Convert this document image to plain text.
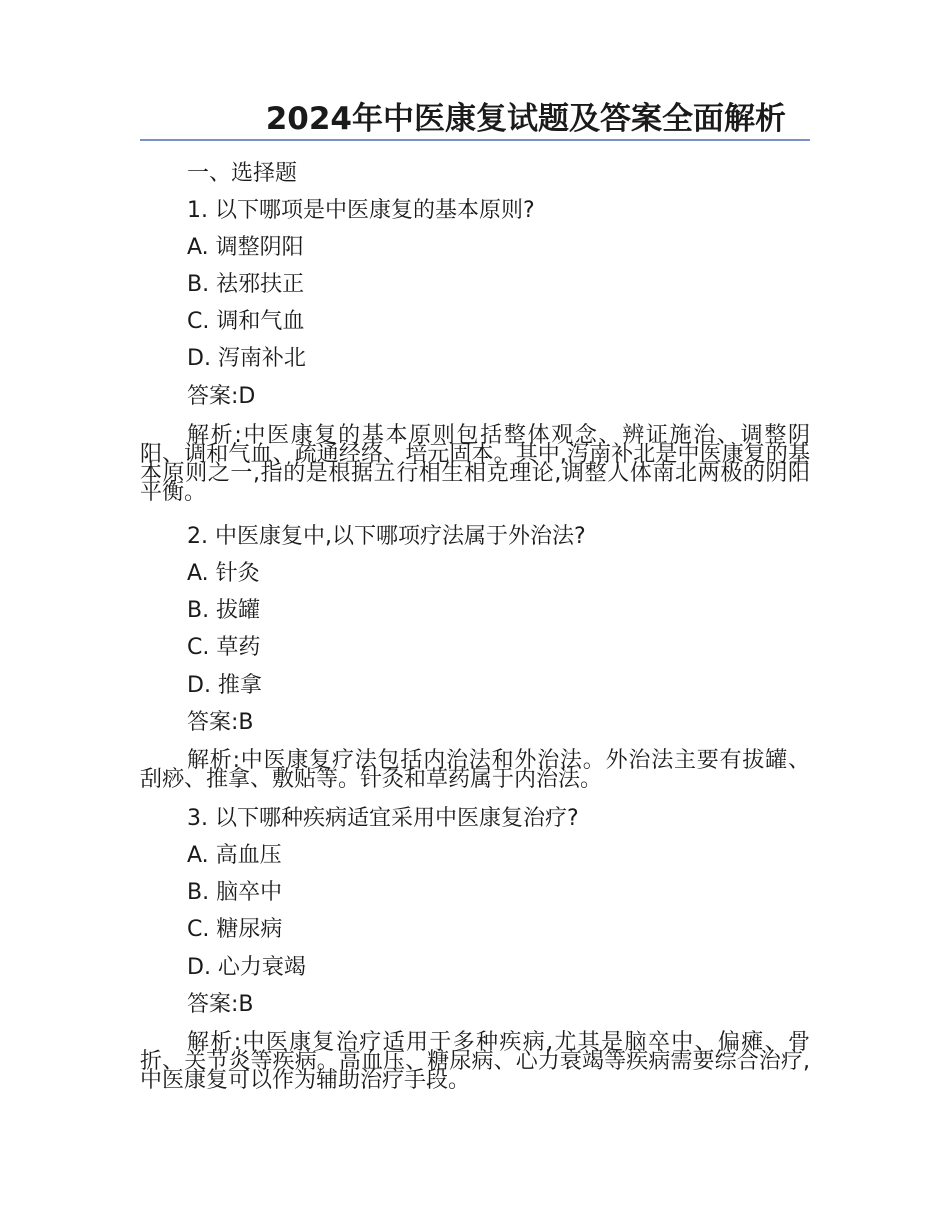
2024年中医康复试题及答案全面解析
一、选择题
1. 以下哪项是中医康复的基本原则?
A. 调整阴阳
B. 祛邪扶正
C. 调和气血
D. 泻南补北
答案:D
解析:中医康复的基本原则包括整体观念、辨证施治、调整阴阳、调和气血、疏通经络、培元固本。其中,泻南补北是中医康复的基本原则之一,指的是根据五行相生相克理论,调整人体南北两极的阴阳平衡。
2. 中医康复中,以下哪项疗法属于外治法?
A. 针灸
B. 拔罐
C. 草药
D. 推拿
答案:B
解析:中医康复疗法包括内治法和外治法。外治法主要有拔罐、刮痧、推拿、敷贴等。针灸和草药属于内治法。
3. 以下哪种疾病适宜采用中医康复治疗?
A. 高血压
B. 脑卒中
C. 糖尿病
D. 心力衰竭
答案:B
解析:中医康复治疗适用于多种疾病,尤其是脑卒中、偏瘫、骨折、关节炎等疾病。高血压、糖尿病、心力衰竭等疾病需要综合治疗,中医康复可以作为辅助治疗手段。
